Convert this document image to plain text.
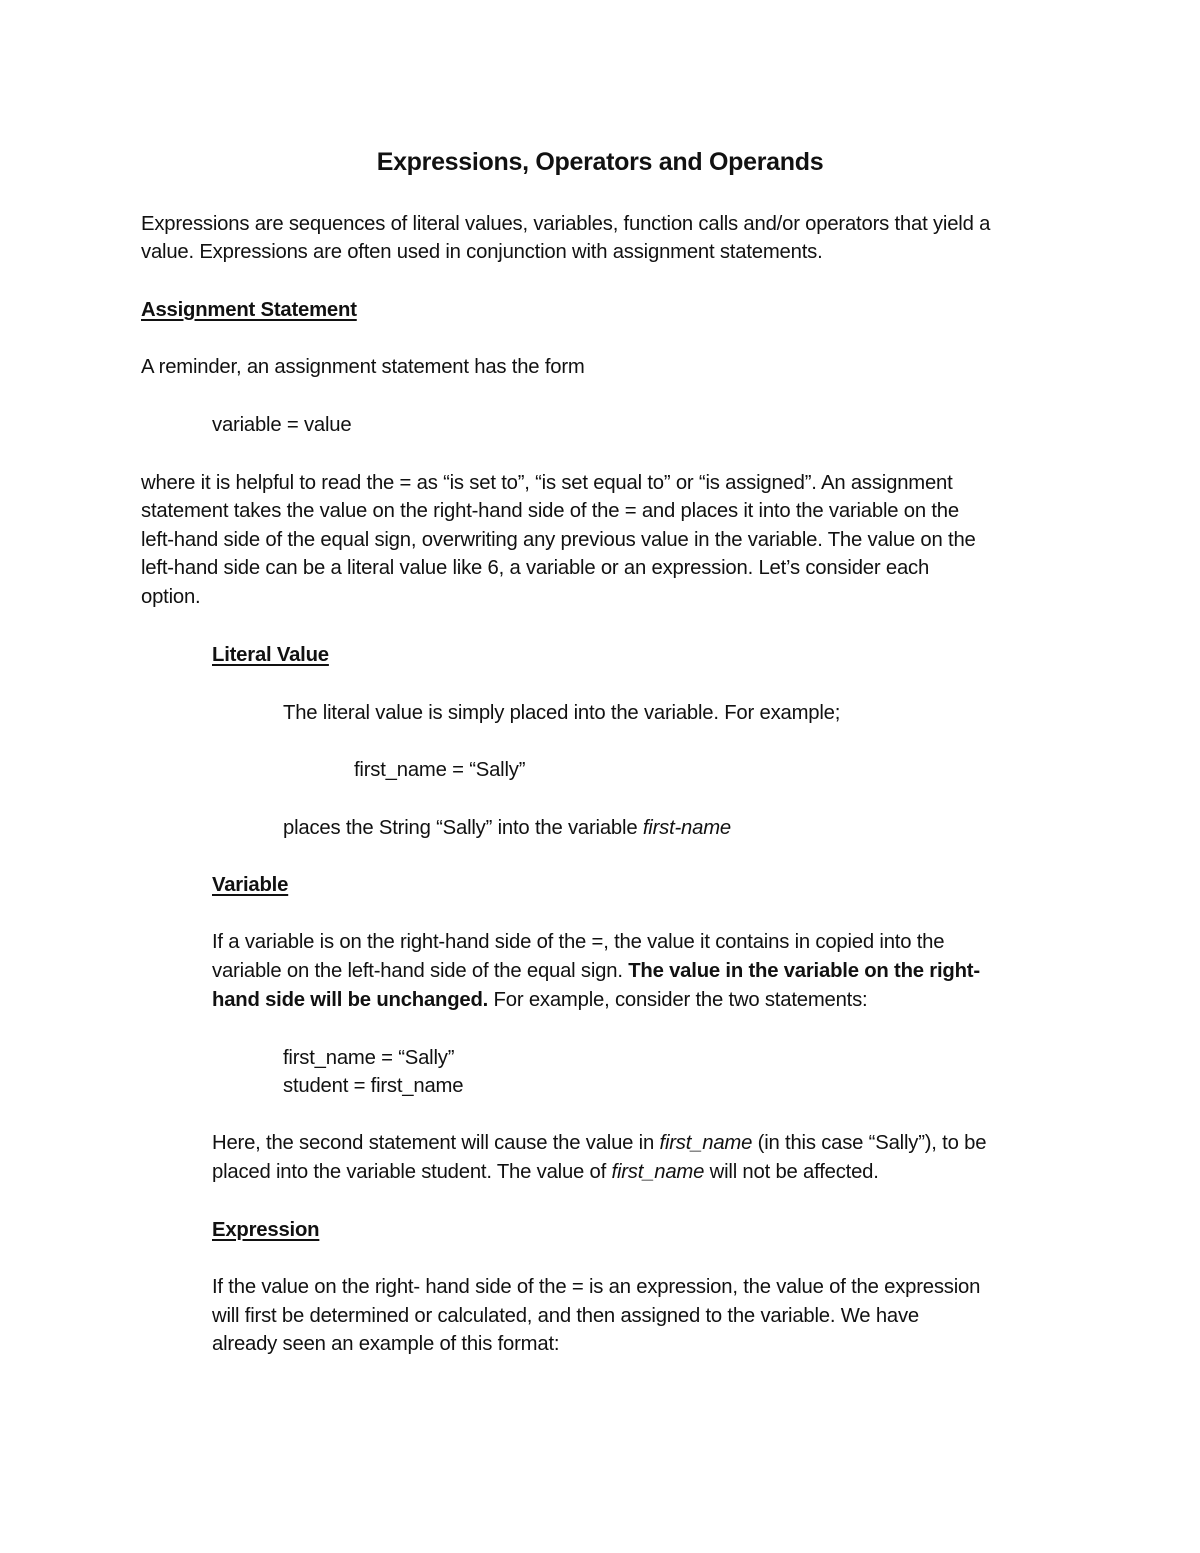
Expressions, Operators and Operands
Expressions are sequences of literal values, variables, function calls and/or operators that yield a
value. Expressions are often used in conjunction with assignment statements.
Assignment Statement
A reminder, an assignment statement has the form
variable = value
where it is helpful to read the = as “is set to”, “is set equal to” or “is assigned”. An assignment
statement takes the value on the right-hand side of the = and places it into the variable on the
left-hand side of the equal sign, overwriting any previous value in the variable. The value on the
left-hand side can be a literal value like 6, a variable or an expression. Let’s consider each
option.
Literal Value
The literal value is simply placed into the variable. For example;
first_name = “Sally”
places the String “Sally” into the variable first-name
Variable
If a variable is on the right-hand side of the =, the value it contains in copied into the
variable on the left-hand side of the equal sign. The value in the variable on the right-
hand side will be unchanged. For example, consider the two statements:
first_name = “Sally”
student = first_name
Here, the second statement will cause the value in first_name (in this case “Sally”), to be
placed into the variable student. The value of first_name will not be affected.
Expression
If the value on the right- hand side of the = is an expression, the value of the expression
will first be determined or calculated, and then assigned to the variable. We have
already seen an example of this format:
